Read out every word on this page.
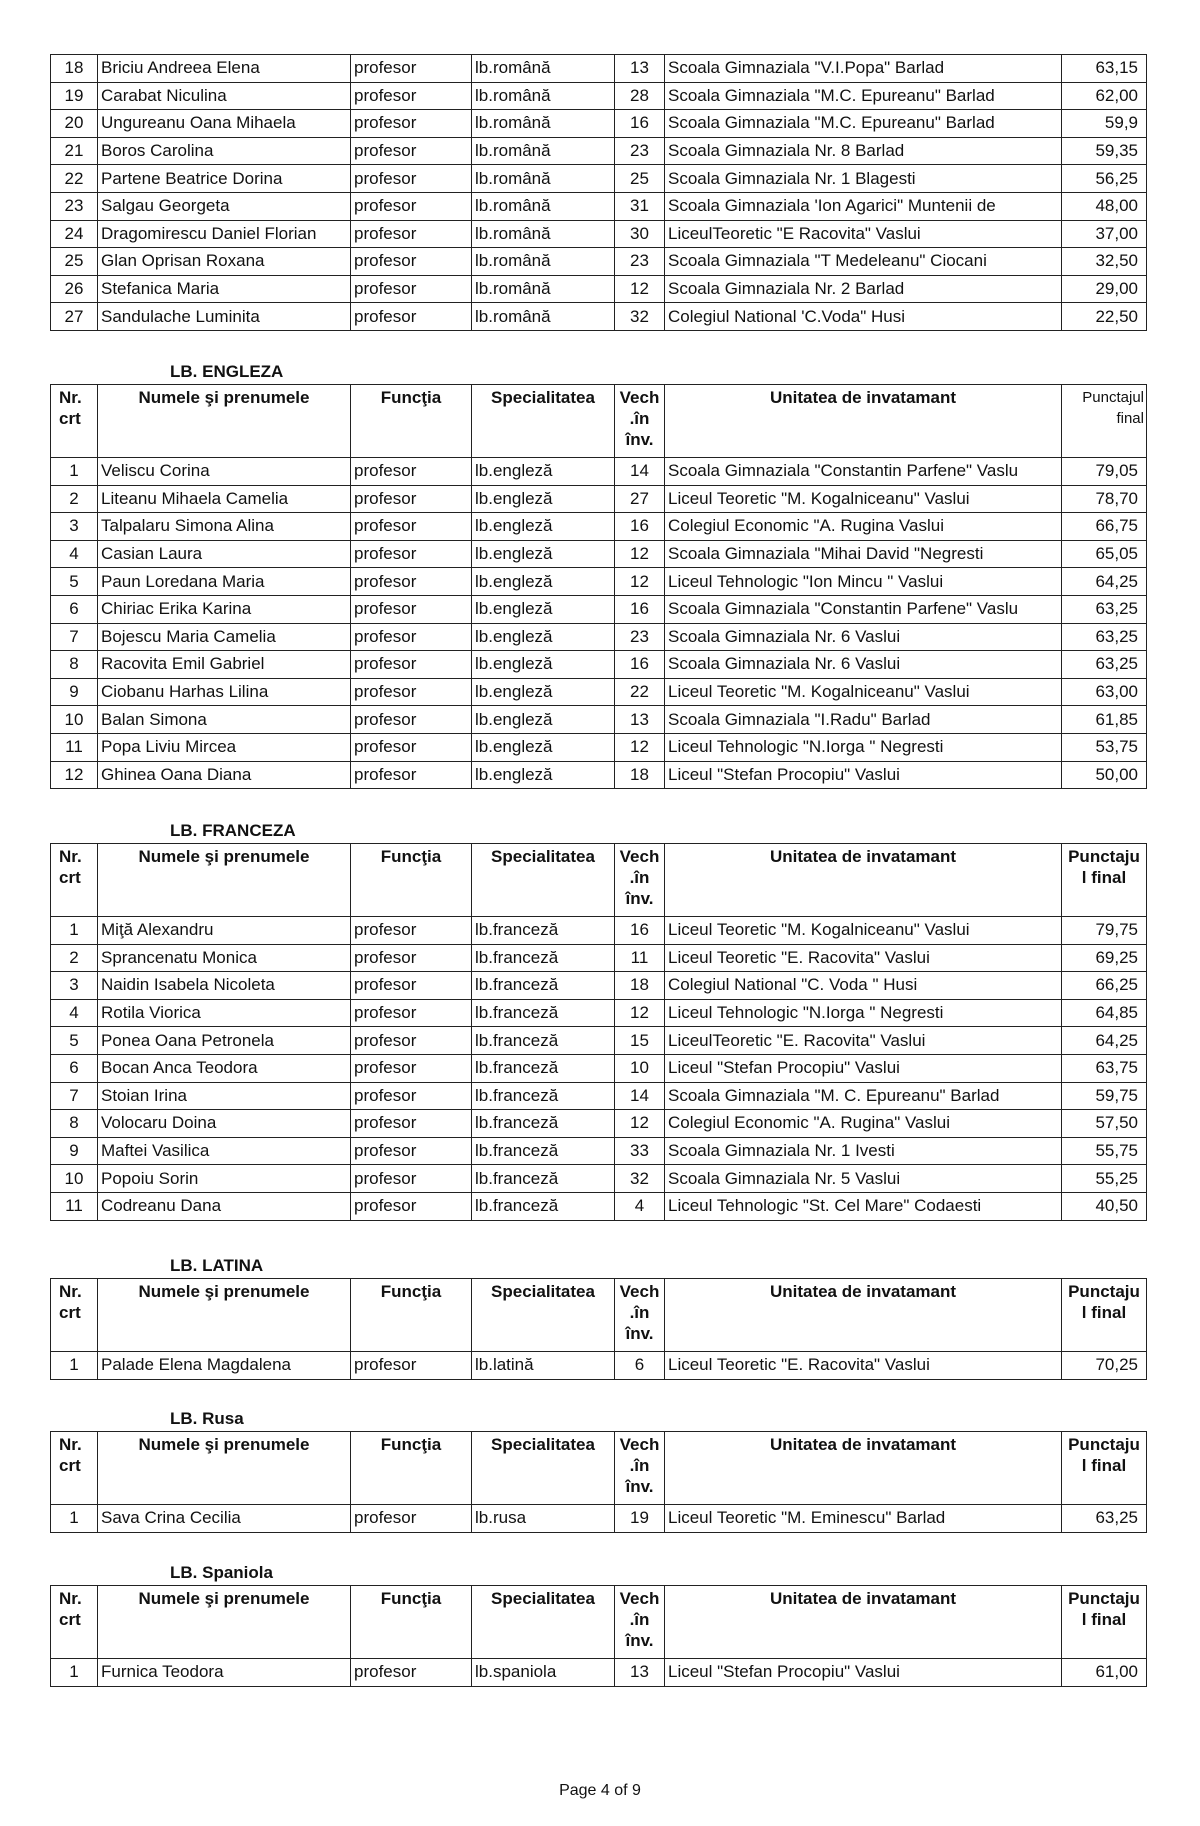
18	Briciu Andreea Elena	profesor	lb.română	13	Scoala Gimnaziala "V.I.Popa" Barlad	63,15
19	Carabat Niculina	profesor	lb.română	28	Scoala Gimnaziala "M.C. Epureanu" Barlad	62,00
20	Ungureanu Oana Mihaela	profesor	lb.română	16	Scoala Gimnaziala "M.C. Epureanu" Barlad	59,9
21	Boros Carolina	profesor	lb.română	23	Scoala Gimnaziala Nr. 8 Barlad	59,35
22	Partene Beatrice Dorina	profesor	lb.română	25	Scoala Gimnaziala Nr. 1 Blagesti	56,25
23	Salgau Georgeta	profesor	lb.română	31	Scoala Gimnaziala 'Ion Agarici" Muntenii de	48,00
24	Dragomirescu Daniel Florian	profesor	lb.română	30	LiceulTeoretic "E Racovita" Vaslui	37,00
25	Glan Oprisan Roxana	profesor	lb.română	23	Scoala Gimnaziala "T Medeleanu" Ciocani	32,50
26	Stefanica Maria	profesor	lb.română	12	Scoala Gimnaziala Nr. 2 Barlad	29,00
27	Sandulache Luminita	profesor	lb.română	32	Colegiul National 'C.Voda" Husi	22,50
LB. ENGLEZA
Nr. crt	Numele şi prenumele	Funcţia	Specialitatea	Vech .în înv.	Unitatea de invatamant	Punctajul final
1	Veliscu Corina	profesor	lb.engleză	14	Scoala Gimnaziala "Constantin Parfene" Vaslu	79,05
2	Liteanu Mihaela Camelia	profesor	lb.engleză	27	Liceul Teoretic "M. Kogalniceanu" Vaslui	78,70
3	Talpalaru Simona Alina	profesor	lb.engleză	16	Colegiul Economic "A. Rugina Vaslui	66,75
4	Casian Laura	profesor	lb.engleză	12	Scoala Gimnaziala "Mihai David "Negresti	65,05
5	Paun Loredana Maria	profesor	lb.engleză	12	Liceul Tehnologic "Ion Mincu " Vaslui	64,25
6	Chiriac Erika Karina	profesor	lb.engleză	16	Scoala Gimnaziala "Constantin Parfene" Vaslu	63,25
7	Bojescu Maria Camelia	profesor	lb.engleză	23	Scoala Gimnaziala Nr. 6 Vaslui	63,25
8	Racovita Emil Gabriel	profesor	lb.engleză	16	Scoala Gimnaziala Nr. 6 Vaslui	63,25
9	Ciobanu Harhas Lilina	profesor	lb.engleză	22	Liceul Teoretic "M. Kogalniceanu" Vaslui	63,00
10	Balan Simona	profesor	lb.engleză	13	Scoala Gimnaziala "I.Radu" Barlad	61,85
11	Popa Liviu Mircea	profesor	lb.engleză	12	Liceul Tehnologic "N.Iorga " Negresti	53,75
12	Ghinea Oana Diana	profesor	lb.engleză	18	Liceul "Stefan Procopiu" Vaslui	50,00
LB. FRANCEZA
Nr. crt	Numele şi prenumele	Funcţia	Specialitatea	Vech .în înv.	Unitatea de invatamant	Punctaju l final
1	Miţă Alexandru	profesor	lb.franceză	16	Liceul Teoretic "M. Kogalniceanu" Vaslui	79,75
2	Sprancenatu Monica	profesor	lb.franceză	11	Liceul Teoretic "E. Racovita" Vaslui	69,25
3	Naidin Isabela Nicoleta	profesor	lb.franceză	18	Colegiul National "C. Voda " Husi	66,25
4	Rotila Viorica	profesor	lb.franceză	12	Liceul Tehnologic "N.Iorga " Negresti	64,85
5	Ponea Oana Petronela	profesor	lb.franceză	15	LiceulTeoretic "E. Racovita" Vaslui	64,25
6	Bocan Anca Teodora	profesor	lb.franceză	10	Liceul "Stefan Procopiu" Vaslui	63,75
7	Stoian Irina	profesor	lb.franceză	14	Scoala Gimnaziala "M. C. Epureanu" Barlad	59,75
8	Volocaru Doina	profesor	lb.franceză	12	Colegiul Economic "A. Rugina" Vaslui	57,50
9	Maftei Vasilica	profesor	lb.franceză	33	Scoala Gimnaziala Nr. 1 Ivesti	55,75
10	Popoiu Sorin	profesor	lb.franceză	32	Scoala Gimnaziala Nr. 5 Vaslui	55,25
11	Codreanu Dana	profesor	lb.franceză	4	Liceul Tehnologic "St. Cel Mare" Codaesti	40,50
LB. LATINA
Nr. crt	Numele şi prenumele	Funcţia	Specialitatea	Vech .în înv.	Unitatea de invatamant	Punctaju l final
1	Palade Elena Magdalena	profesor	lb.latină	6	Liceul Teoretic "E. Racovita" Vaslui	70,25
LB. Rusa
Nr. crt	Numele şi prenumele	Funcţia	Specialitatea	Vech .în înv.	Unitatea de invatamant	Punctaju l final
1	Sava Crina Cecilia	profesor	lb.rusa	19	Liceul Teoretic "M. Eminescu" Barlad	63,25
LB. Spaniola
Nr. crt	Numele şi prenumele	Funcţia	Specialitatea	Vech .în înv.	Unitatea de invatamant	Punctaju l final
1	Furnica Teodora	profesor	lb.spaniola	13	Liceul "Stefan Procopiu" Vaslui	61,00
Page 4 of 9
